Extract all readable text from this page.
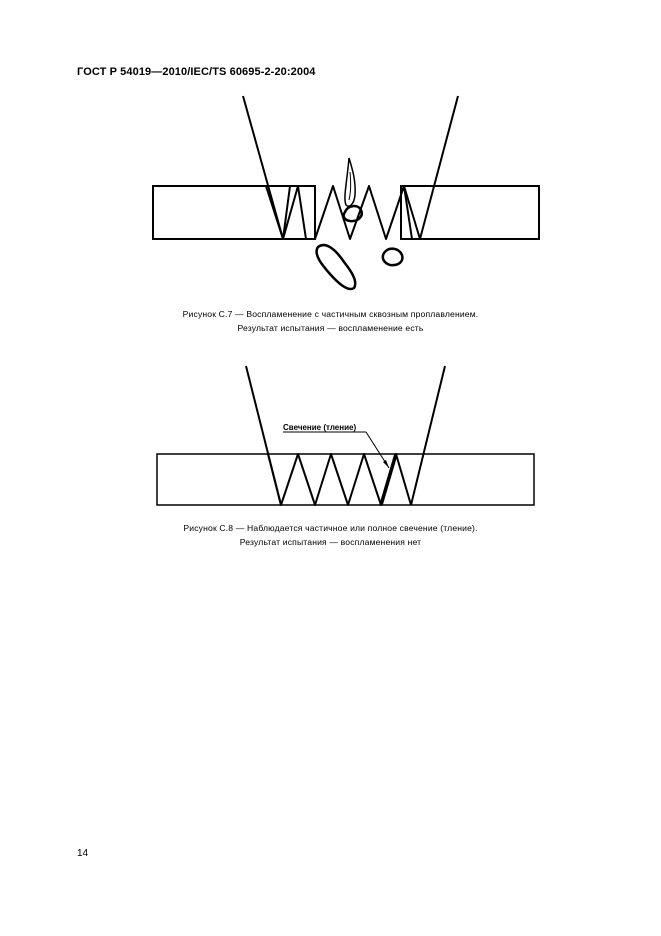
ГОСТ Р 54019—2010/IEC/TS 60695-2-20:2004
Рисунок С.7 — Воспламенение с частичным сквозным проплавлением.
Результат испытания — воспламенение есть
Свечение (тление)
Рисунок С.8 — Наблюдается частичное или полное свечение (тление).
Результат испытания — воспламенения нет
14
